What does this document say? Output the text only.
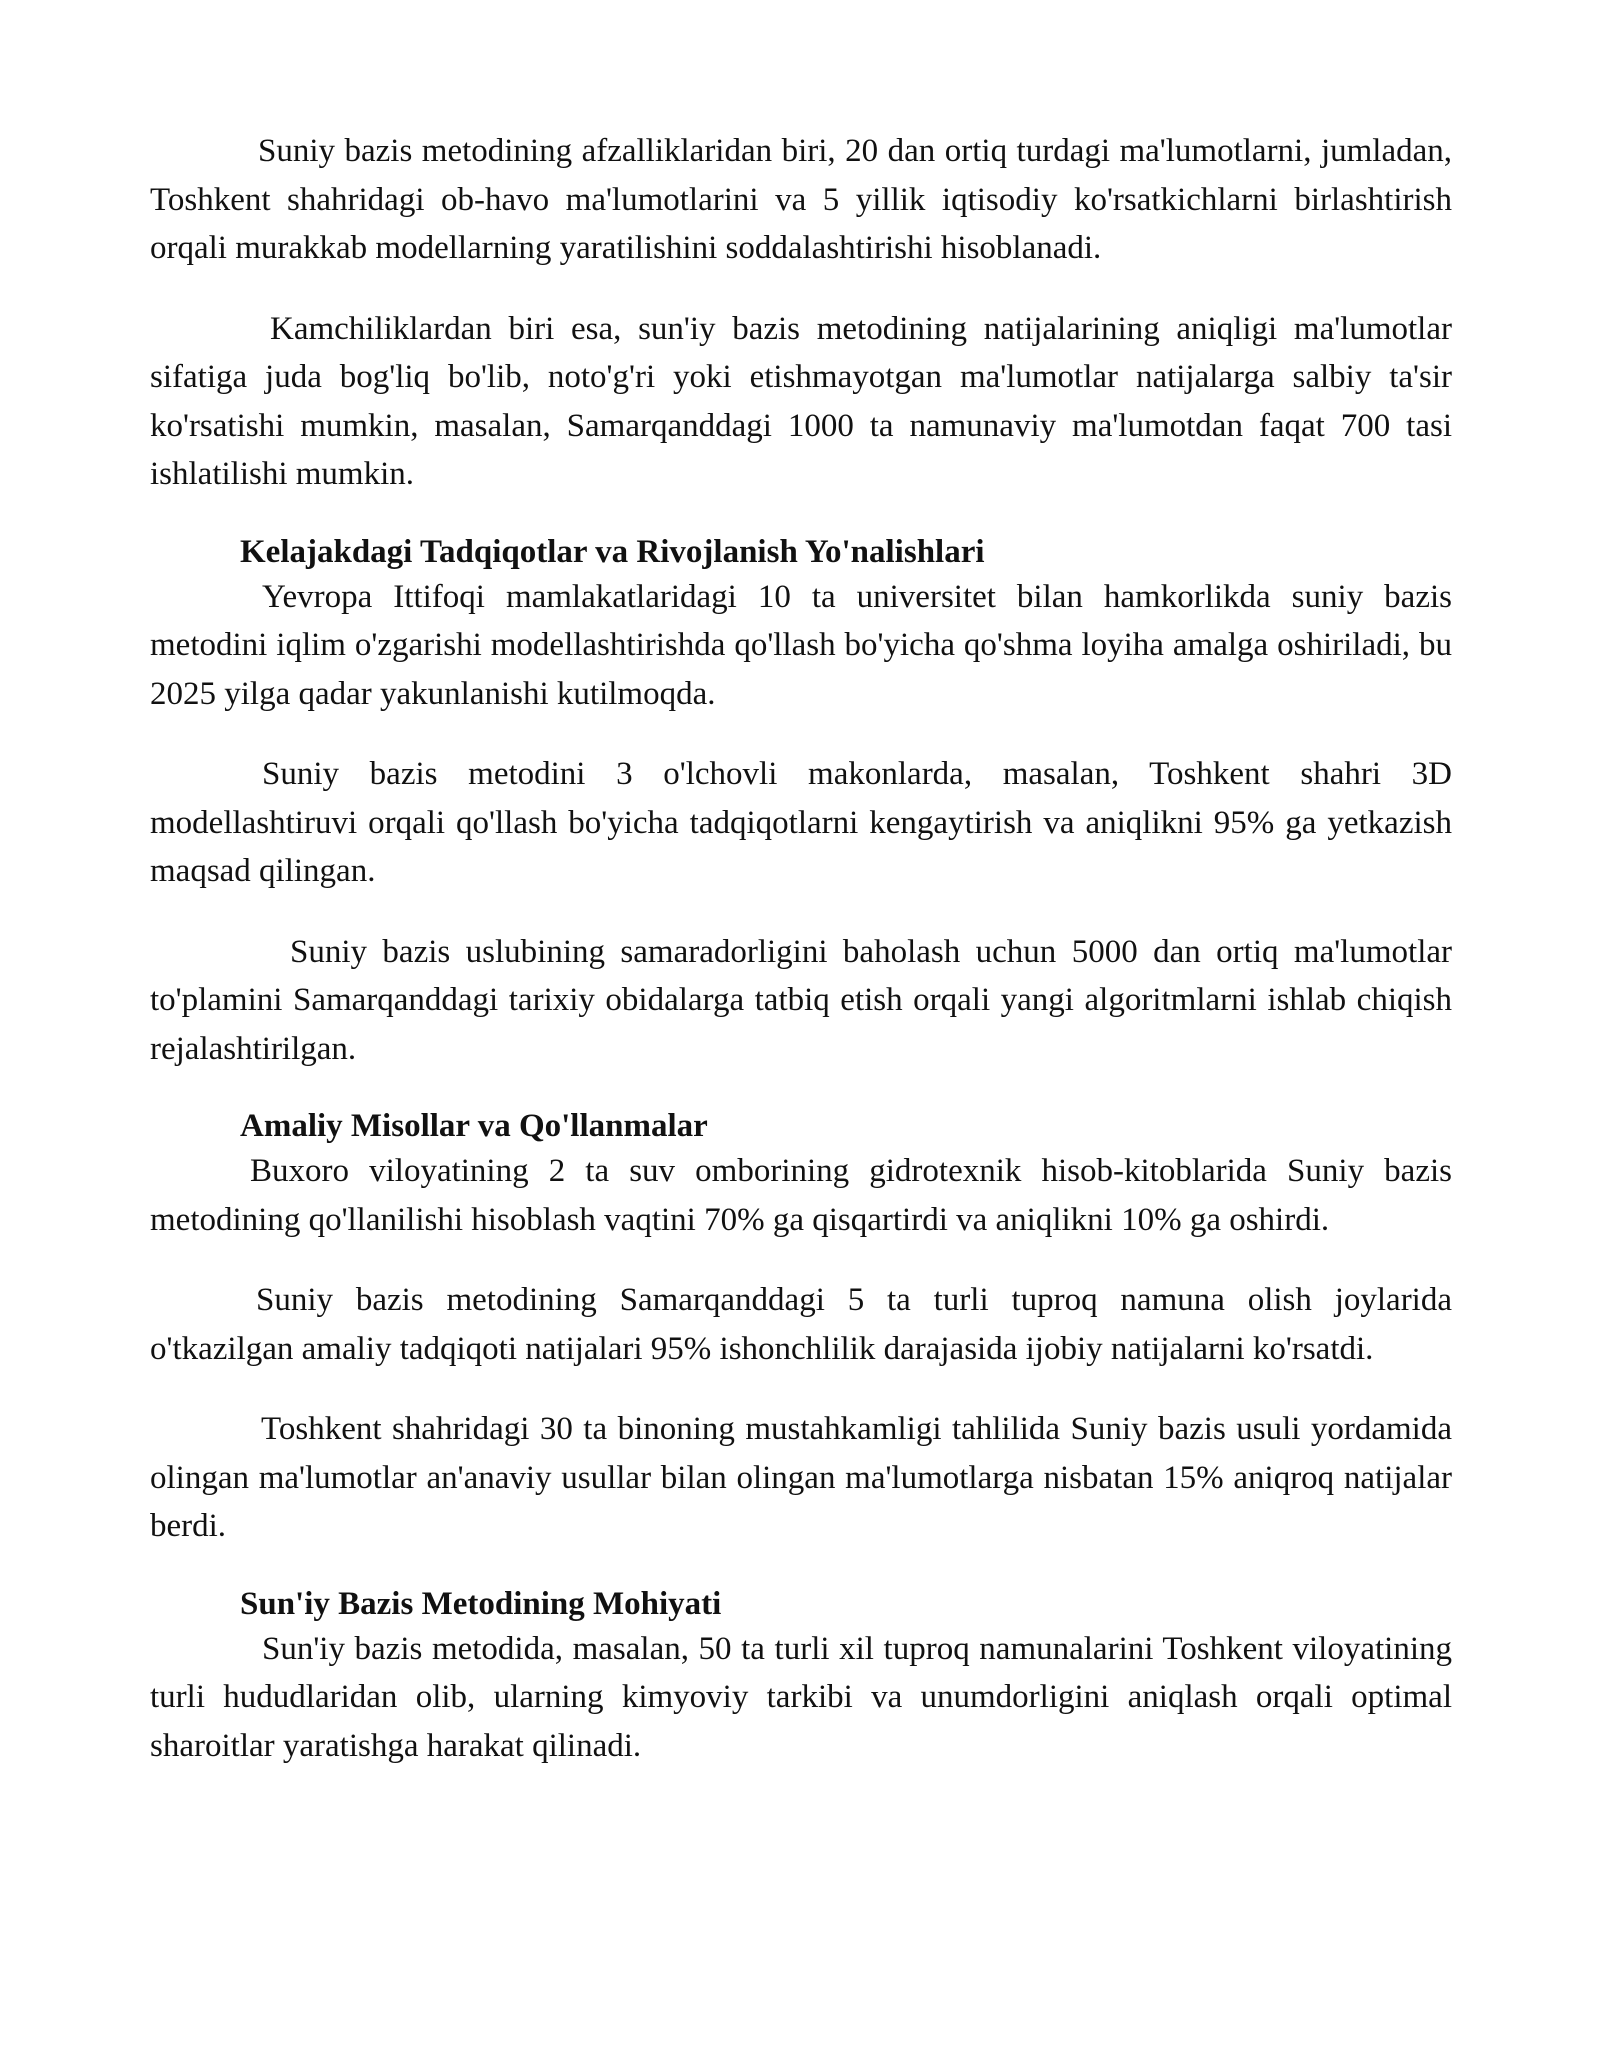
Suniy bazis metodining afzalliklaridan biri, 20 dan ortiq turdagi ma'lumotlarni, jumladan, Toshkent shahridagi ob-havo ma'lumotlarini va 5 yillik iqtisodiy ko'rsatkichlarni birlashtirish orqali murakkab modellarning yaratilishini soddalashtirishi hisoblanadi.

Kamchiliklardan biri esa, sun'iy bazis metodining natijalarining aniqligi ma'lumotlar sifatiga juda bog'liq bo'lib, noto'g'ri yoki etishmayotgan ma'lumotlar natijalarga salbiy ta'sir ko'rsatishi mumkin, masalan, Samarqanddagi 1000 ta namunaviy ma'lumotdan faqat 700 tasi ishlatilishi mumkin.

Kelajakdagi Tadqiqotlar va Rivojlanish Yo'nalishlari

Yevropa Ittifoqi mamlakatlaridagi 10 ta universitet bilan hamkorlikda suniy bazis metodini iqlim o'zgarishi modellashtirishda qo'llash bo'yicha qo'shma loyiha amalga oshiriladi, bu 2025 yilga qadar yakunlanishi kutilmoqda.

Suniy bazis metodini 3 o'lchovli makonlarda, masalan, Toshkent shahri 3D modellashtiruvi orqali qo'llash bo'yicha tadqiqotlarni kengaytirish va aniqlikni 95% ga yetkazish maqsad qilingan.

Suniy bazis uslubining samaradorligini baholash uchun 5000 dan ortiq ma'lumotlar to'plamini Samarqanddagi tarixiy obidalarga tatbiq etish orqali yangi algoritmlarni ishlab chiqish rejalashtirilgan.

Amaliy Misollar va Qo'llanmalar

Buxoro viloyatining 2 ta suv omborining gidrotexnik hisob-kitoblarida Suniy bazis metodining qo'llanilishi hisoblash vaqtini 70% ga qisqartirdi va aniqlikni 10% ga oshirdi.

Suniy bazis metodining Samarqanddagi 5 ta turli tuproq namuna olish joylarida o'tkazilgan amaliy tadqiqoti natijalari 95% ishonchlilik darajasida ijobiy natijalarni ko'rsatdi.

Toshkent shahridagi 30 ta binoning mustahkamligi tahlilida Suniy bazis usuli yordamida olingan ma'lumotlar an'anaviy usullar bilan olingan ma'lumotlarga nisbatan 15% aniqroq natijalar berdi.

Sun'iy Bazis Metodining Mohiyati

Sun'iy bazis metodida, masalan, 50 ta turli xil tuproq namunalarini Toshkent viloyatining turli hududlaridan olib, ularning kimyoviy tarkibi va unumdorligini aniqlash orqali optimal sharoitlar yaratishga harakat qilinadi.
